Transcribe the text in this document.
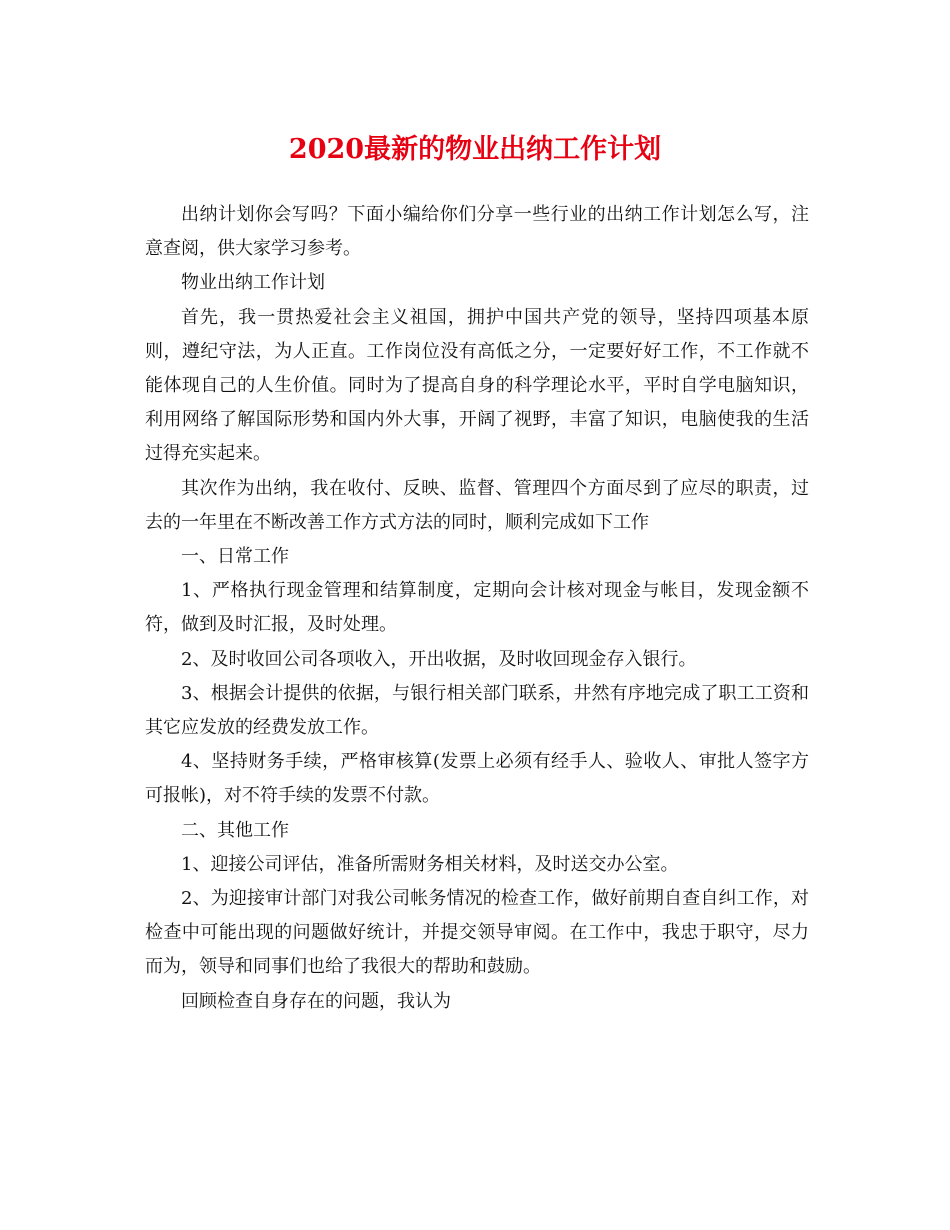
2020最新的物业出纳工作计划

出纳计划你会写吗？下面小编给你们分享一些行业的出纳工作计划怎么写，注意查阅，供大家学习参考。

物业出纳工作计划

首先，我一贯热爱社会主义祖国，拥护中国共产党的领导，坚持四项基本原则，遵纪守法，为人正直。工作岗位没有高低之分，一定要好好工作，不工作就不能体现自己的人生价值。同时为了提高自身的科学理论水平，平时自学电脑知识，利用网络了解国际形势和国内外大事，开阔了视野，丰富了知识，电脑使我的生活过得充实起来。

其次作为出纳，我在收付、反映、监督、管理四个方面尽到了应尽的职责，过去的一年里在不断改善工作方式方法的同时，顺利完成如下工作

一、日常工作

1、严格执行现金管理和结算制度，定期向会计核对现金与帐目，发现金额不符，做到及时汇报，及时处理。

2、及时收回公司各项收入，开出收据，及时收回现金存入银行。

3、根据会计提供的依据，与银行相关部门联系，井然有序地完成了职工工资和其它应发放的经费发放工作。

4、坚持财务手续，严格审核算(发票上必须有经手人、验收人、审批人签字方可报帐)，对不符手续的发票不付款。

二、其他工作

1、迎接公司评估，准备所需财务相关材料，及时送交办公室。

2、为迎接审计部门对我公司帐务情况的检查工作，做好前期自查自纠工作，对检查中可能出现的问题做好统计，并提交领导审阅。在工作中，我忠于职守，尽力而为，领导和同事们也给了我很大的帮助和鼓励。

回顾检查自身存在的问题，我认为
